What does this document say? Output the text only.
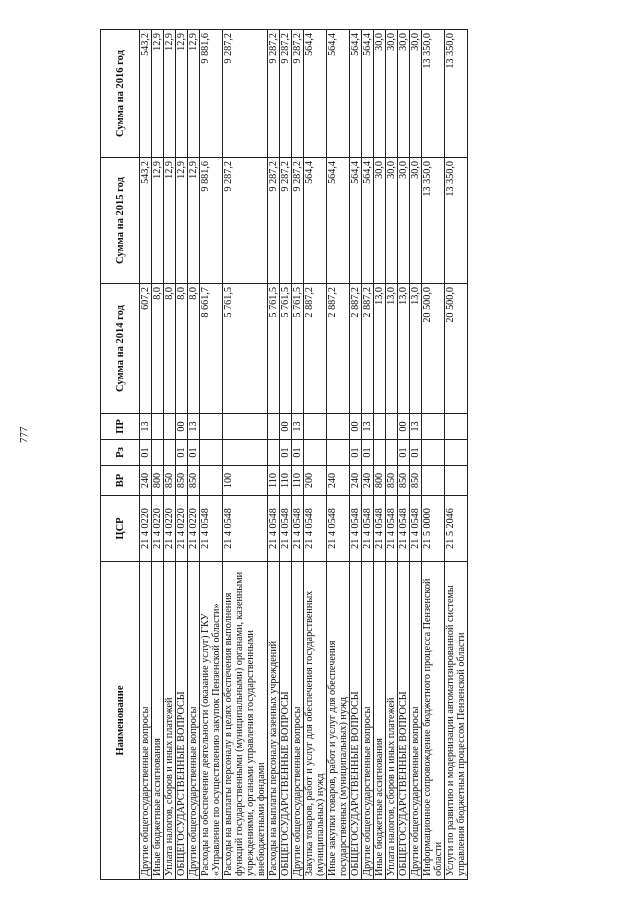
777
Наименование	ЦСР	ВР	Рз	ПР	Сумма на 2014 год	Сумма на 2015 год	Сумма на 2016 год
Другие общегосударственные вопросы	21 4 0220	240	01	13	607,2	543,2	543,2
Иные бюджетные ассигнования	21 4 0220	800			8,0	12,9	12,9
Уплата налогов, сборов и иных платежей	21 4 0220	850			8,0	12,9	12,9
ОБЩЕГОСУДАРСТВЕННЫЕ ВОПРОСЫ	21 4 0220	850	01	00	8,0	12,9	12,9
Другие общегосударственные вопросы	21 4 0220	850	01	13	8,0	12,9	12,9
Расходы на обеспечение деятельности (оказание услуг) ГКУ «Управление по осуществлению закупок Пензенской области»	21 4 0548				8 661,7	9 881,6	9 881,6
Расходы на выплаты персоналу в целях обеспечения выполнения функций государственными (муниципальными) органами, казенными учреждениями, органами управления государственными внебюджетными фондами	21 4 0548	100			5 761,5	9 287,2	9 287,2
Расходы на выплаты персоналу казенных учреждений	21 4 0548	110			5 761,5	9 287,2	9 287,2
ОБЩЕГОСУДАРСТВЕННЫЕ ВОПРОСЫ	21 4 0548	110	01	00	5 761,5	9 287,2	9 287,2
Другие общегосударственные вопросы	21 4 0548	110	01	13	5 761,5	9 287,2	9 287,2
Закупка товаров, работ и услуг для обеспечения государственных (муниципальных) нужд	21 4 0548	200			2 887,2	564,4	564,4
Иные закупки товаров, работ и услуг для обеспечения государственных (муниципальных) нужд	21 4 0548	240			2 887,2	564,4	564,4
ОБЩЕГОСУДАРСТВЕННЫЕ ВОПРОСЫ	21 4 0548	240	01	00	2 887,2	564,4	564,4
Другие общегосударственные вопросы	21 4 0548	240	01	13	2 887,2	564,4	564,4
Иные бюджетные ассигнования	21 4 0548	800			13,0	30,0	30,0
Уплата налогов, сборов и иных платежей	21 4 0548	850			13,0	30,0	30,0
ОБЩЕГОСУДАРСТВЕННЫЕ ВОПРОСЫ	21 4 0548	850	01	00	13,0	30,0	30,0
Другие общегосударственные вопросы	21 4 0548	850	01	13	13,0	30,0	30,0
Информационное сопровождение бюджетного процесса Пензенской области	21 5 0000				20 500,0	13 350,0	13 350,0
Услуги по развитию и модернизации автоматизированной системы управления бюджетным процессом Пензенской области	21 5 2046				20 500,0	13 350,0	13 350,0
